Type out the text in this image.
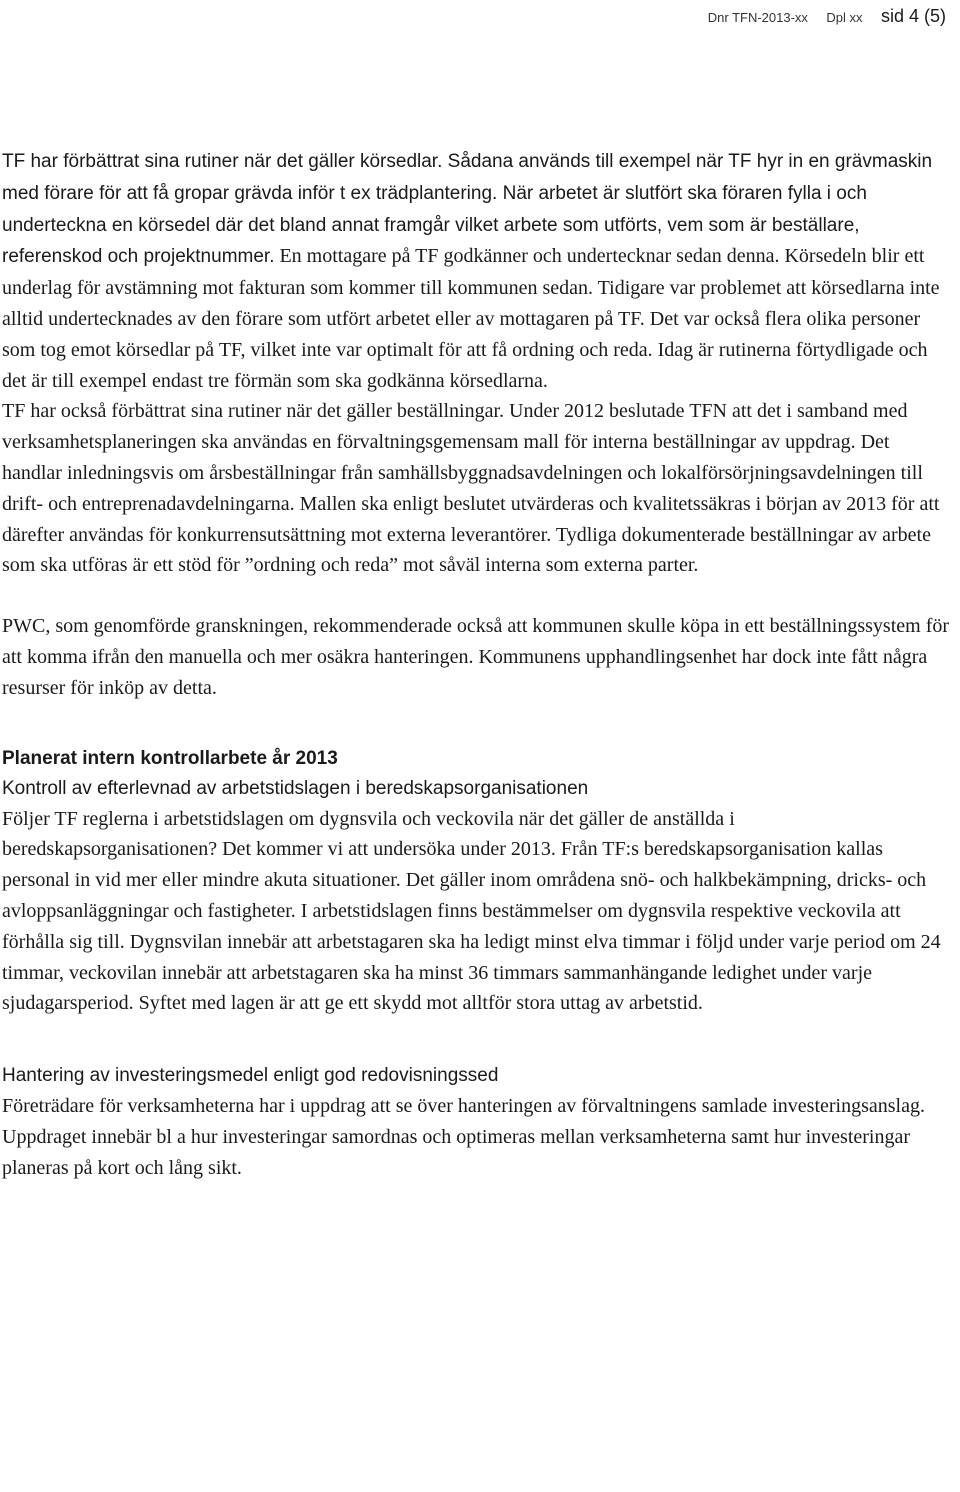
Dnr TFN-2013-xx Dpl xx sid 4 (5)

TF har förbättrat sina rutiner när det gäller körsedlar. Sådana används till exempel när TF hyr in en grävmaskin med förare för att få gropar grävda inför t ex trädplantering. När arbetet är slutfört ska föraren fylla i och underteckna en körsedel där det bland annat framgår vilket arbete som utförts, vem som är beställare, referenskod och projektnummer. En mottagare på TF godkänner och undertecknar sedan denna. Körsedeln blir ett underlag för avstämning mot fakturan som kommer till kommunen sedan. Tidigare var problemet att körsedlarna inte alltid undertecknades av den förare som utfört arbetet eller av mottagaren på TF. Det var också flera olika personer som tog emot körsedlar på TF, vilket inte var optimalt för att få ordning och reda. Idag är rutinerna förtydligade och det är till exempel endast tre förmän som ska godkänna körsedlarna.

TF har också förbättrat sina rutiner när det gäller beställningar. Under 2012 beslutade TFN att det i samband med verksamhetsplaneringen ska användas en förvaltningsgemensam mall för interna beställningar av uppdrag. Det handlar inledningsvis om årsbeställningar från samhällsbyggnadsavdelningen och lokalförsörjningsavdelningen till drift- och entreprenadavdelningarna. Mallen ska enligt beslutet utvärderas och kvalitetssäkras i början av 2013 för att därefter användas för konkurrensutsättning mot externa leverantörer. Tydliga dokumenterade beställningar av arbete som ska utföras är ett stöd för ”ordning och reda” mot såväl interna som externa parter.

PWC, som genomförde granskningen, rekommenderade också att kommunen skulle köpa in ett beställningssystem för att komma ifrån den manuella och mer osäkra hanteringen. Kommunens upphandlingsenhet har dock inte fått några resurser för inköp av detta.

Planerat intern kontrollarbete år 2013
Kontroll av efterlevnad av arbetstidslagen i beredskapsorganisationen

Följer TF reglerna i arbetstidslagen om dygnsvila och veckovila när det gäller de anställda i beredskapsorganisationen? Det kommer vi att undersöka under 2013. Från TF:s beredskapsorganisation kallas personal in vid mer eller mindre akuta situationer. Det gäller inom områdena snö- och halkbekämpning, dricks- och avloppsanläggningar och fastigheter. I arbetstidslagen finns bestämmelser om dygnsvila respektive veckovila att förhålla sig till. Dygnsvilan innebär att arbetstagaren ska ha ledigt minst elva timmar i följd under varje period om 24 timmar, veckovilan innebär att arbetstagaren ska ha minst 36 timmars sammanhängande ledighet under varje sjudagarsperiod. Syftet med lagen är att ge ett skydd mot alltför stora uttag av arbetstid.

Hantering av investeringsmedel enligt god redovisningssed

Företrädare för verksamheterna har i uppdrag att se över hanteringen av förvaltningens samlade investeringsanslag. Uppdraget innebär bl a hur investeringar samordnas och optimeras mellan verksamheterna samt hur investeringar planeras på kort och lång sikt.
